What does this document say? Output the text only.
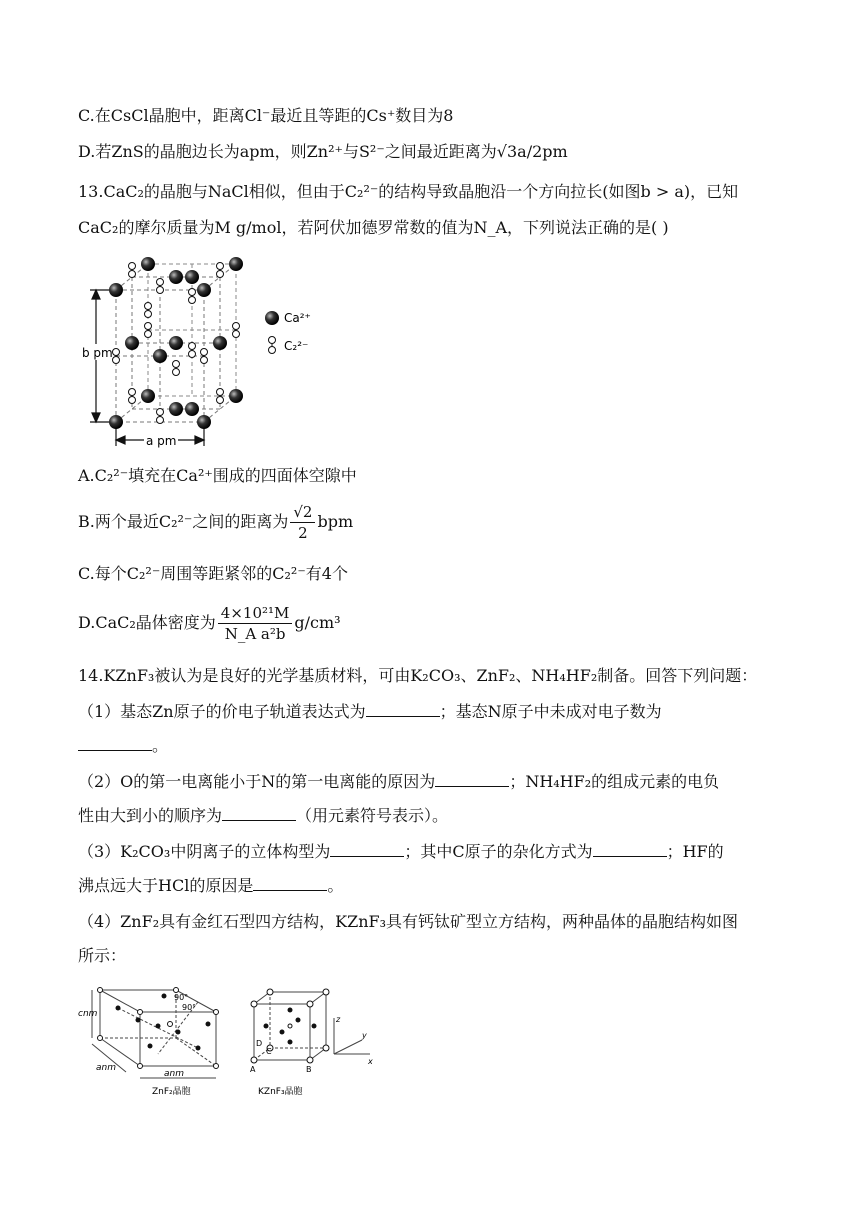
C.在CsCl晶胞中，距离Cl⁻最近且等距的Cs⁺数目为8
D.若ZnS的晶胞边长为apm，则Zn²⁺与S²⁻之间最近距离为√3a/2pm
13.CaC₂的晶胞与NaCl相似，但由于C₂²⁻的结构导致晶胞沿一个方向拉长(如图b > a)，已知
CaC₂的摩尔质量为M g/mol，若阿伏加德罗常数的值为N_A，下列说法正确的是( )
b pm
a pm
Ca²⁺
C₂²⁻
A.C₂²⁻填充在Ca²⁺围成的四面体空隙中
B.两个最近C₂²⁻之间的距离为 $\frac{√2}{2}$ bpm
C.每个C₂²⁻周围等距紧邻的C₂²⁻有4个
D.CaC₂晶体密度为 $\frac{\text{4×10²¹M}}{\text{N\_A a²b}} g/cm^3$
14.KZnF₃被认为是良好的光学基质材料，可由K₂CO₃、ZnF₂、NH₄HF₂制备。回答下列问题：
（1）基态Zn原子的价电子轨道表达式为	；基态N原子中未成对电子数为
。
（2）O的第一电离能小于N的第一电离能的原因为	；NH₄HF₂的组成元素的电负
性由大到小的顺序为	（用元素符号表示）。
（3）K₂CO₃中阴离子的立体构型为	；其中C原子的杂化方式为	；HF的
沸点远大于HCl的原因是	。
（4）ZnF₂具有金红石型四方结构，KZnF₃具有钙钛矿型立方结构，两种晶体的晶胞结构如图
所示：
cnm
anm
anm
90°
90°
ZnF₂晶胞
D
C
A	B
z
y
x
KZnF₃晶胞
